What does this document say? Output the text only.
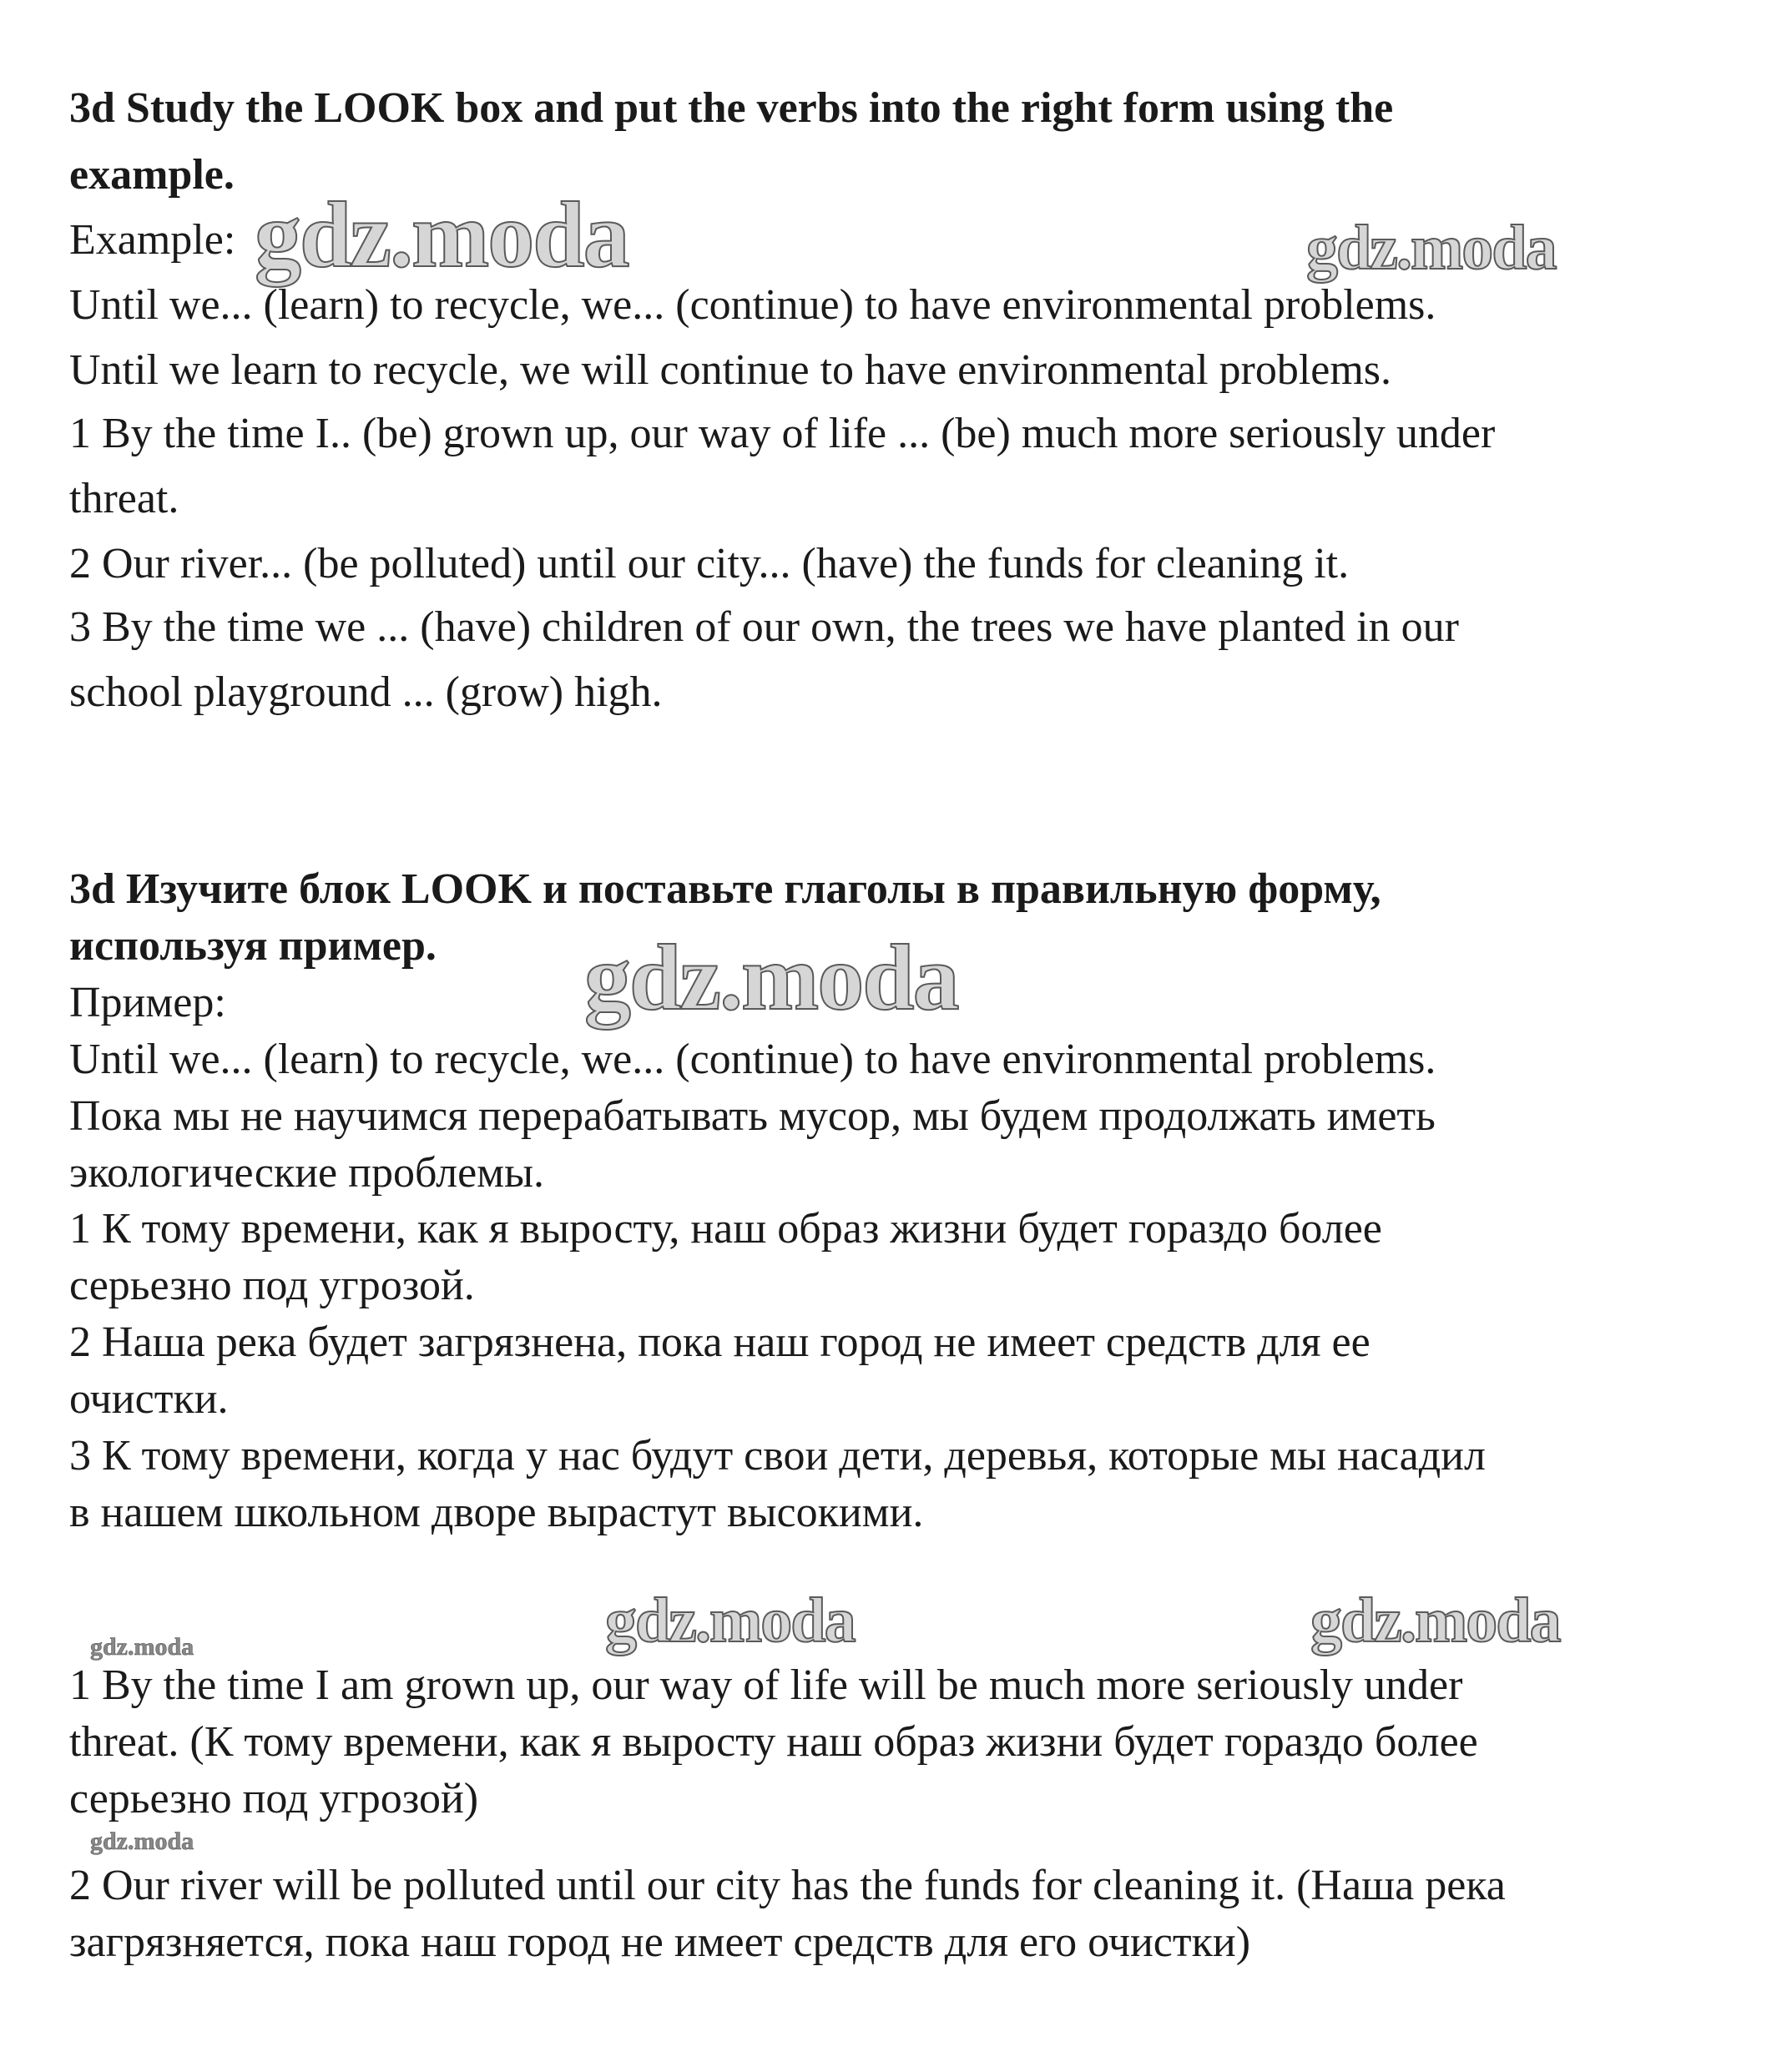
3d Study the LOOK box and put the verbs into the right form using the
example.
Example:
Until we... (learn) to recycle, we... (continue) to have environmental problems.
Until we learn to recycle, we will continue to have environmental problems.
1 By the time I.. (be) grown up, our way of life ... (be) much more seriously under
threat.
2 Our river... (be polluted) until our city... (have) the funds for cleaning it.
3 By the time we ... (have) children of our own, the trees we have planted in our
school playground ... (grow) high.
3d Изучите блок LOOK и поставьте глаголы в правильную форму,
используя пример.
Пример:
Until we... (learn) to recycle, we... (continue) to have environmental problems.
Пока мы не научимся перерабатывать мусор, мы будем продолжать иметь
экологические проблемы.
1 К тому времени, как я выросту, наш образ жизни будет гораздо более
серьезно под угрозой.
2 Наша река будет загрязнена, пока наш город не имеет средств для ее
очистки.
3 К тому времени, когда у нас будут свои дети, деревья, которые мы насадил
в нашем школьном дворе вырастут высокими.
1 By the time I am grown up, our way of life will be much more seriously under
threat. (К тому времени, как я выросту наш образ жизни будет гораздо более
серьезно под угрозой)
2 Our river will be polluted until our city has the funds for cleaning it. (Наша река
загрязняется, пока наш город не имеет средств для его очистки)
gdz.moda	gdz.moda
gdz.moda
gdz.moda	gdz.moda
gdz.moda
gdz.moda
